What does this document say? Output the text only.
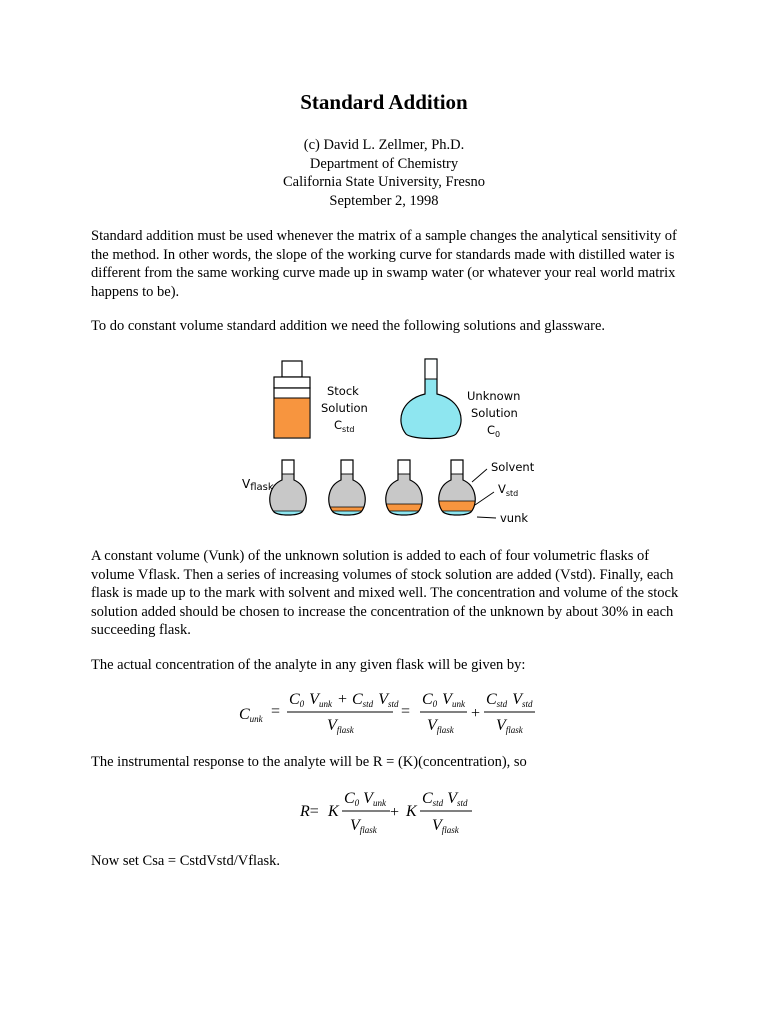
Standard Addition
(c) David L. Zellmer, Ph.D.
Department of Chemistry
California State University, Fresno
September 2, 1998

Standard addition must be used whenever the matrix of a sample changes the analytical sensitivity of the method. In other words, the slope of the working curve for standards made with distilled water is different from the same working curve made up in swamp water (or whatever your real world matrix happens to be).

To do constant volume standard addition we need the following solutions and glassware.

Stock
Solution
$C_{std}$
Unknown
Solution
$C_0$
Vflask
Solvent
$V_{std}$
vunk

A constant volume (Vunk) of the unknown solution is added to each of four volumetric flasks of volume Vflask. Then a series of increasing volumes of stock solution are added (Vstd). Finally, each flask is made up to the mark with solvent and mixed well. The concentration and volume of the stock solution added should be chosen to increase the concentration of the unknown by about 30% in each succeeding flask.

The actual concentration of the analyte in any given flask will be given by:

Cunk =
C0 Vunk + Cstd Vstd
Vflask
=
C0 Vunk
Vflask
+
Cstd Vstd
Vflask

The instrumental response to the analyte will be R = (K)(concentration), so

R= K
C0 Vunk
Vflask
+ K
Cstd Vstd
Vflask

Now set Csa = CstdVstd/Vflask.
